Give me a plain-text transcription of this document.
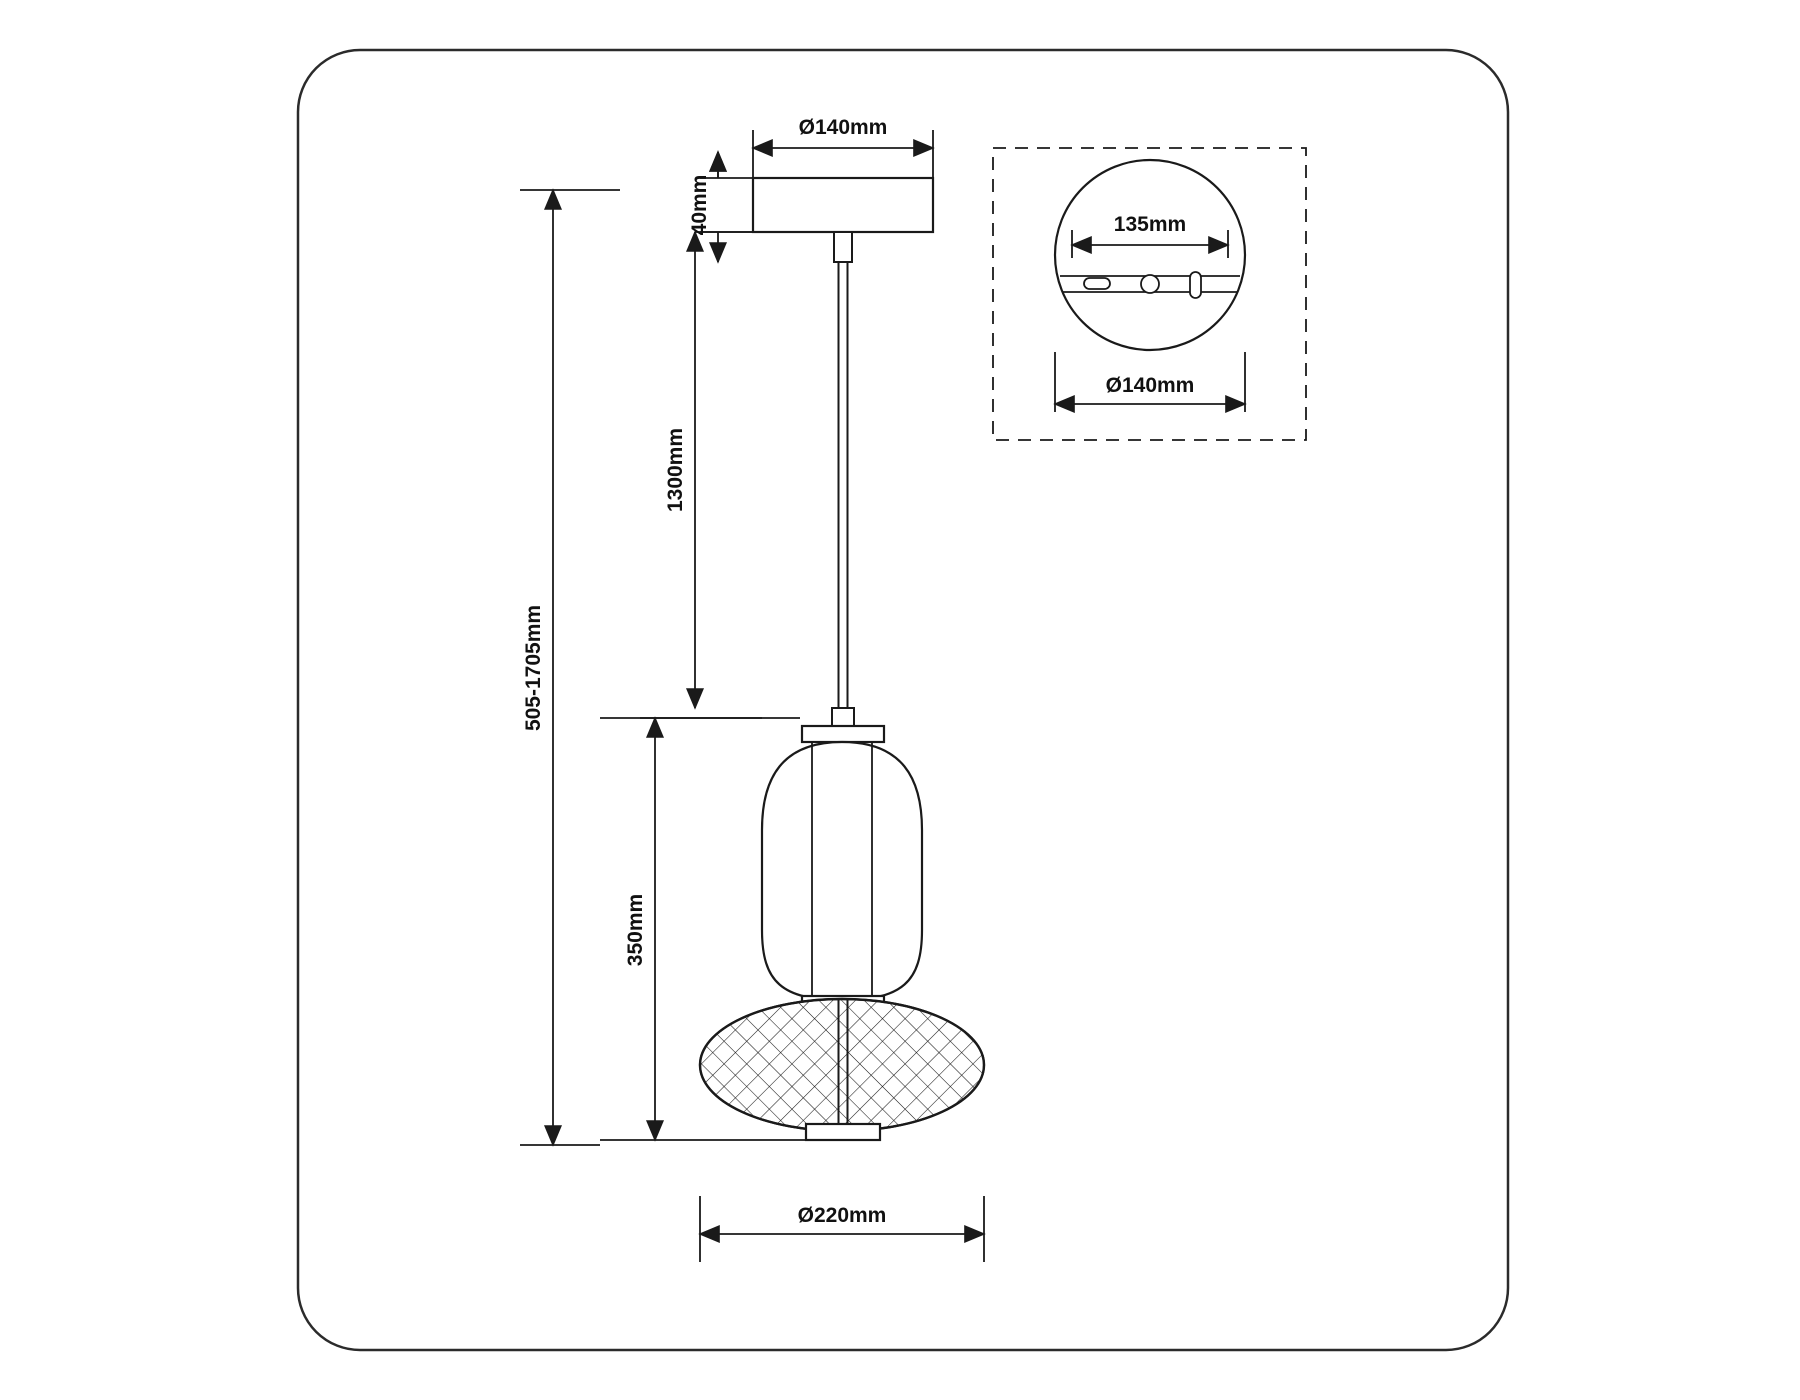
Ø140mm
40mm
1300mm
350mm
505-1705mm
Ø220mm
135mm
Ø140mm
